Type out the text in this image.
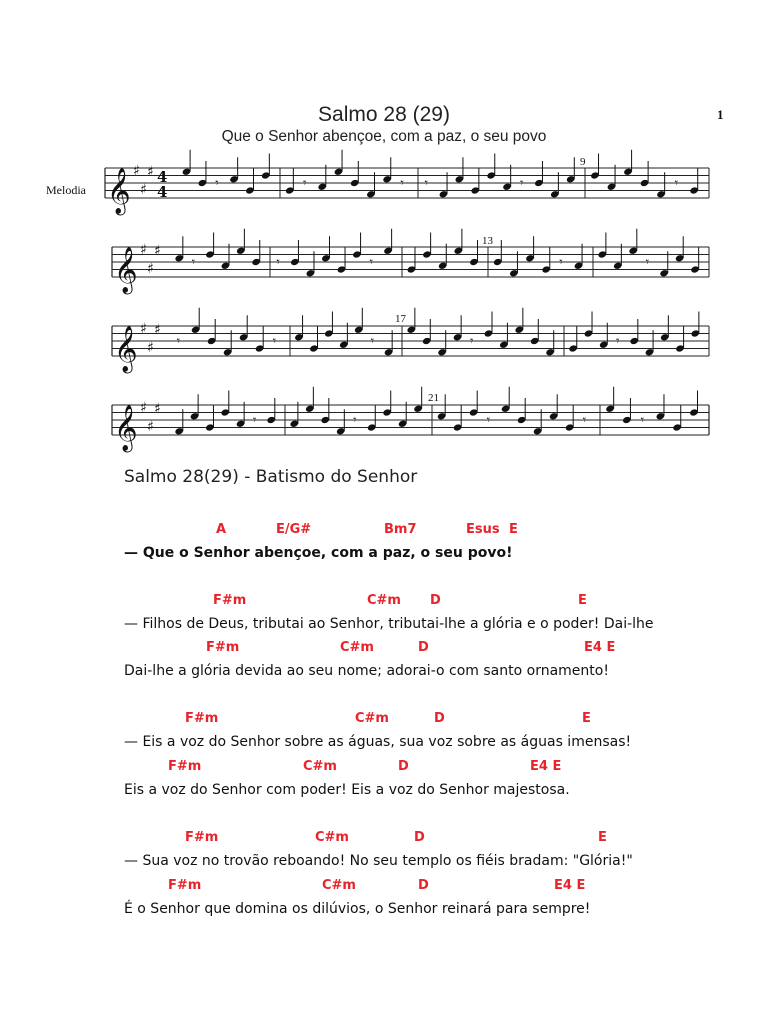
Salmo 28 (29)
Que o Senhor abençoe, com a paz, o seu povo
1
Melodia
9
13
17
21
𝄞 ♯
♯
♯ 4
4	𝄾	𝄾	𝄾 𝄾	𝄾	𝄾
𝄞 ♯
♯
♯
𝄾	𝄾	𝄾	𝄾	𝄾
𝄞 ♯
♯
♯
𝄾	𝄾	𝄾	𝄾	𝄾
𝄞 ♯
♯
♯
𝄾	𝄾	𝄾	𝄾	𝄾
Salmo 28(29) - Batismo do Senhor
A	E/G#	Bm7	Esus E
— Que o Senhor abençoe, com a paz, o seu povo!
F#m	C#m D	E
— Filhos de Deus, tributai ao Senhor, tributai-lhe a glória e o poder! Dai-lhe
F#m	C#m	D	E4 E
Dai-lhe a glória devida ao seu nome; adorai-o com santo ornamento!
F#m	C#m	D	E
— Eis a voz do Senhor sobre as águas, sua voz sobre as águas imensas!
F#m	C#m	D	E4 E
Eis a voz do Senhor com poder! Eis a voz do Senhor majestosa.
F#m	C#m	D	E
— Sua voz no trovão reboando! No seu templo os fiéis bradam: "Glória!"
F#m	C#m	D	E4 E
É o Senhor que domina os dilúvios, o Senhor reinará para sempre!
